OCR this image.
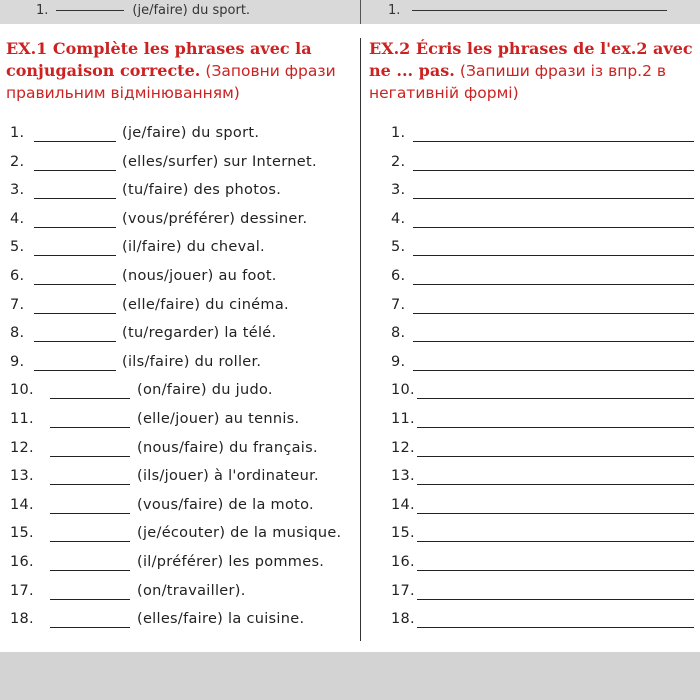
1.	(je/faire) du sport.	1.
EX.1 Complète les phrases avec la conjugaison correcte. (Заповни фрази правильним відмінюванням)
EX.2 Écris les phrases de l'ex.2 avec ne ... pas. (Запиши фрази із впр.2 в негативній формі)
1.	(je/faire) du sport.
2.	(elles/surfer) sur Internet.
3.	(tu/faire) des photos.
4.	(vous/préférer) dessiner.
5.	(il/faire) du cheval.
6.	(nous/jouer) au foot.
7.	(elle/faire) du cinéma.
8.	(tu/regarder) la télé.
9.	(ils/faire) du roller.
10.	(on/faire) du judo.
11.	(elle/jouer) au tennis.
12.	(nous/faire) du français.
13.	(ils/jouer) à l'ordinateur.
14.	(vous/faire) de la moto.
15.	(je/écouter) de la musique.
16.	(il/préférer) les pommes.
17.	(on/travailler).
18.	(elles/faire) la cuisine.
1.
2.
3.
4.
5.
6.
7.
8.
9.
10.
11.
12.
13.
14.
15.
16.
17.
18.
